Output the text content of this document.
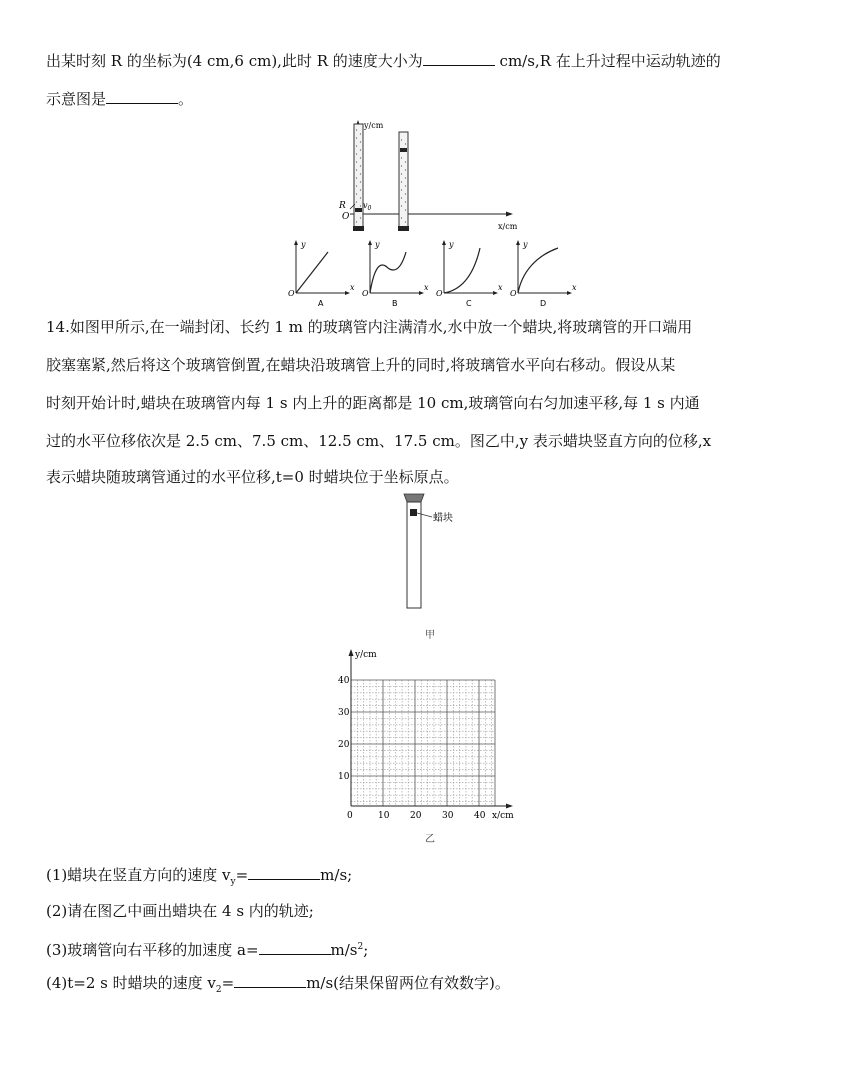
出某时刻 R 的坐标为(4 cm,6 cm),此时 R 的速度大小为	cm/s,R 在上升过程中运动轨迹的
示意图是	。
y/cm
x/cm
R
O
$v_0$
y
x
O
A
y
x
O
B
y
x
O
C
y
x
O
D
14.如图甲所示,在一端封闭、长约 1 m 的玻璃管内注满清水,水中放一个蜡块,将玻璃管的开口端用
胶塞塞紧,然后将这个玻璃管倒置,在蜡块沿玻璃管上升的同时,将玻璃管水平向右移动。假设从某
时刻开始计时,蜡块在玻璃管内每 1 s 内上升的距离都是 10 cm,玻璃管向右匀加速平移,每 1 s 内通
过的水平位移依次是 2.5 cm、7.5 cm、12.5 cm、17.5 cm。图乙中,y 表示蜡块竖直方向的位移,x
表示蜡块随玻璃管通过的水平位移,t=0 时蜡块位于坐标原点。
蜡块
甲
y/cm
x/cm
40
30
20
10
0	10 20 30 40
乙
(1)蜡块在竖直方向的速度 $v_y=$	m/s;
(2)请在图乙中画出蜡块在 4 s 内的轨迹;
(3)玻璃管向右平移的加速度 a=	$m/s^2$;
(4)t=2 s 时蜡块的速度 $v_2=$	m/s(结果保留两位有效数字)。
